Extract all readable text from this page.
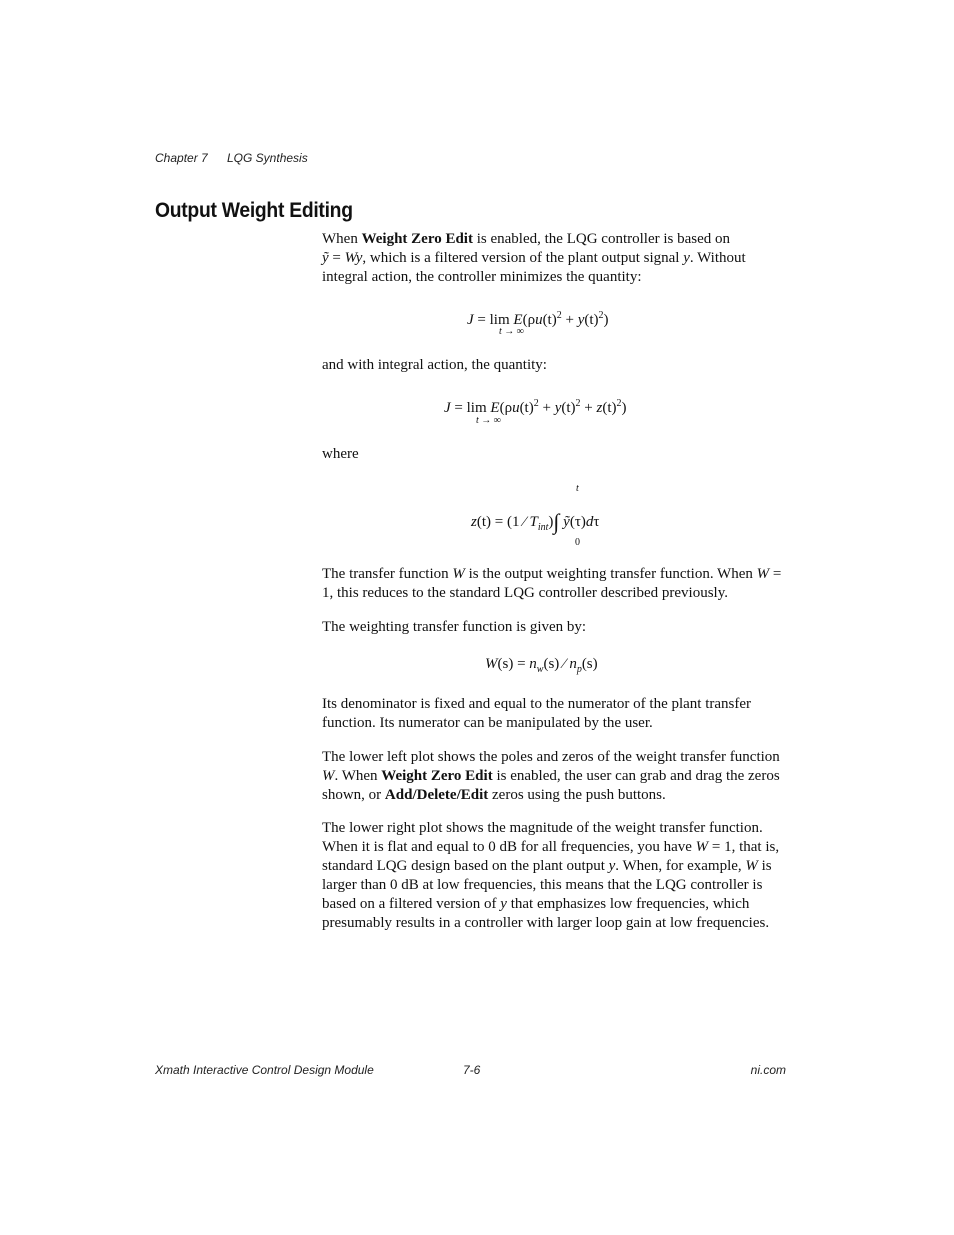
Chapter 7 LQG Synthesis
Output Weight Editing

When Weight Zero Edit is enabled, the LQG controller is based on
ỹ = Wy, which is a filtered version of the plant output signal y. Without integral action, the controller minimizes the quantity:

$J = \lim E(\rho u(t)^2 + y(t)^2)$
t → ∞

and with integral action, the quantity:

$J = \lim E(\rho u(t)^2 + y(t)^2 + z(t)^2)$
t → ∞

where

t
z(t) = (1 ⁄ $T_{int})\int$ ỹ(τ)dτ
0

The transfer function W is the output weighting transfer function. When W = 1, this reduces to the standard LQG controller described previously.

The weighting transfer function is given by:

$W(s) = n_w(s)$ ⁄ $n_p(s)$

Its denominator is fixed and equal to the numerator of the plant transfer function. Its numerator can be manipulated by the user.

The lower left plot shows the poles and zeros of the weight transfer function W. When Weight Zero Edit is enabled, the user can grab and drag the zeros shown, or Add/Delete/Edit zeros using the push buttons.

The lower right plot shows the magnitude of the weight transfer function. When it is flat and equal to 0 dB for all frequencies, you have W = 1, that is, standard LQG design based on the plant output y. When, for example, W is larger than 0 dB at low frequencies, this means that the LQG controller is based on a filtered version of y that emphasizes low frequencies, which presumably results in a controller with larger loop gain at low frequencies.

Xmath Interactive Control Design Module	7-6	ni.com
